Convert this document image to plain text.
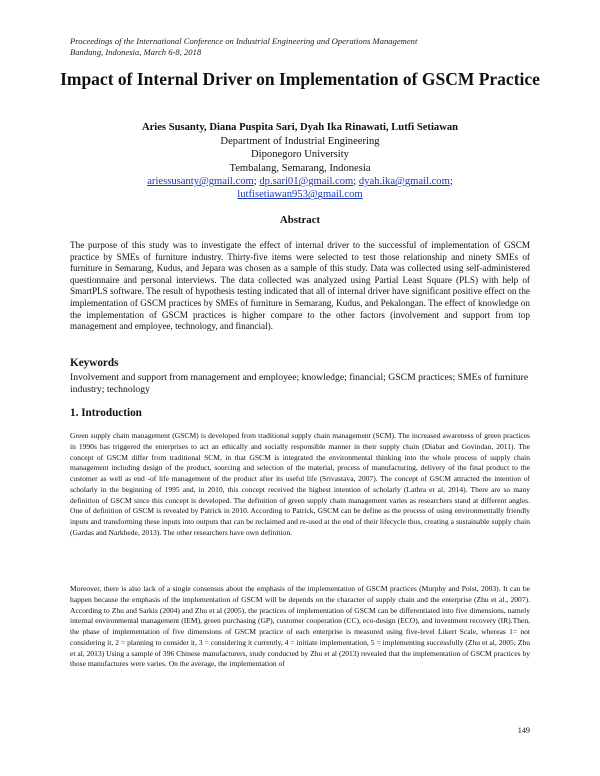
Proceedings of the International Conference on Industrial Engineering and Operations Management
Bandung, Indonesia, March 6-8, 2018
Impact of Internal Driver on Implementation of GSCM Practice
Aries Susanty, Diana Puspita Sari, Dyah Ika Rinawati, Lutfi Setiawan
Department of Industrial Engineering
Diponegoro University
Tembalang, Semarang, Indonesia
ariessusanty@gmail.com; dp.sari01@gmail.com; dyah.ika@gmail.com;
lutfisetiawan953@gmail.com
Abstract
The purpose of this study was to investigate the effect of internal driver to the successful of implementation of GSCM practice by SMEs of furniture industry. Thirty-five items were selected to test those relationship and ninety SMEs of furniture in Semarang, Kudus, and Jepara was chosen as a sample of this study. Data was collected using self-administered questionnaire and personal interviews. The data collected was analyzed using Partial Least Square (PLS) with help of SmartPLS software. The result of hypothesis testing indicated that all of internal driver have significant positive effect on the implementation of GSCM practices by SMEs of furniture in Semarang, Kudus, and Pekalongan. The effect of knowledge on the implementation of GSCM practices is higher compare to the other factors (involvement and support from top management and employee, technology, and financial).
Keywords
Involvement and support from management and employee; knowledge; financial; GSCM practices; SMEs of furniture industry; technology
1. Introduction
Green supply chain management (GSCM) is developed from traditional supply chain management (SCM). The increased awareness of green practices in 1990s has triggered the enterprises to act an ethically and socially responsible manner in their supply chain (Diabat and Govindan, 2011). The concept of GSCM differ from traditional SCM, in that GSCM is integrated the environmental thinking into the whole process of supply chain management including design of the product, sourcing and selection of the material, process of manufacturing, delivery of the final product to the customer as well as end -of life management of the product after its useful life (Srivastava, 2007). The concept of GSCM attracted the intention of scholarly in the beginning of 1995 and, in 2010, this concept received the highest intention of scholarly (Lathra et al, 2014). There are so many definition of GSCM since this concept is developed. The definition of green supply chain management varies as researchers stand at different angles. One of definition of GSCM is revealed by Patrick in 2010. According to Patrick, GSCM can be define as the process of using environmentally friendly inputs and transforming these inputs into outputs that can be reclaimed and re-used at the end of their lifecycle thus, creating a sustainable supply chain (Gardas and Narkhede, 2013). The other researchers have own definition.
Moreover, there is also lack of a single consensus about the emphasis of the implementation of GSCM practices (Murphy and Poist, 2003). It can be happen because the emphasis of the implementation of GSCM will be depends on the character of supply chain and the enterprise (Zhu et al., 2007). According to Zhu and Sarkis (2004) and Zhu et al (2005), the practices of implementation of GSCM can be differentiated into five dimensions, namely internal environmental management (IEM), green purchasing (GP), customer cooperation (CC), eco-design (ECO), and investment recovery (IR).Then, the phase of implementation of five dimensions of GSCM practice of each enterprise is measured using five-level Likert Scale, whereas 1= not considering it, 2 = planning to consider it, 3 = considering it currently, 4 = initiate implementation, 5 = implementing successfully (Zhu et al, 2005; Zhu et al, 2013) Using a sample of 396 Chinese manufacturers, study conducted by Zhu et al (2013) revealed that the implementation of GSCM practices by those manufactures were varies. On the average, the implementation of
149
